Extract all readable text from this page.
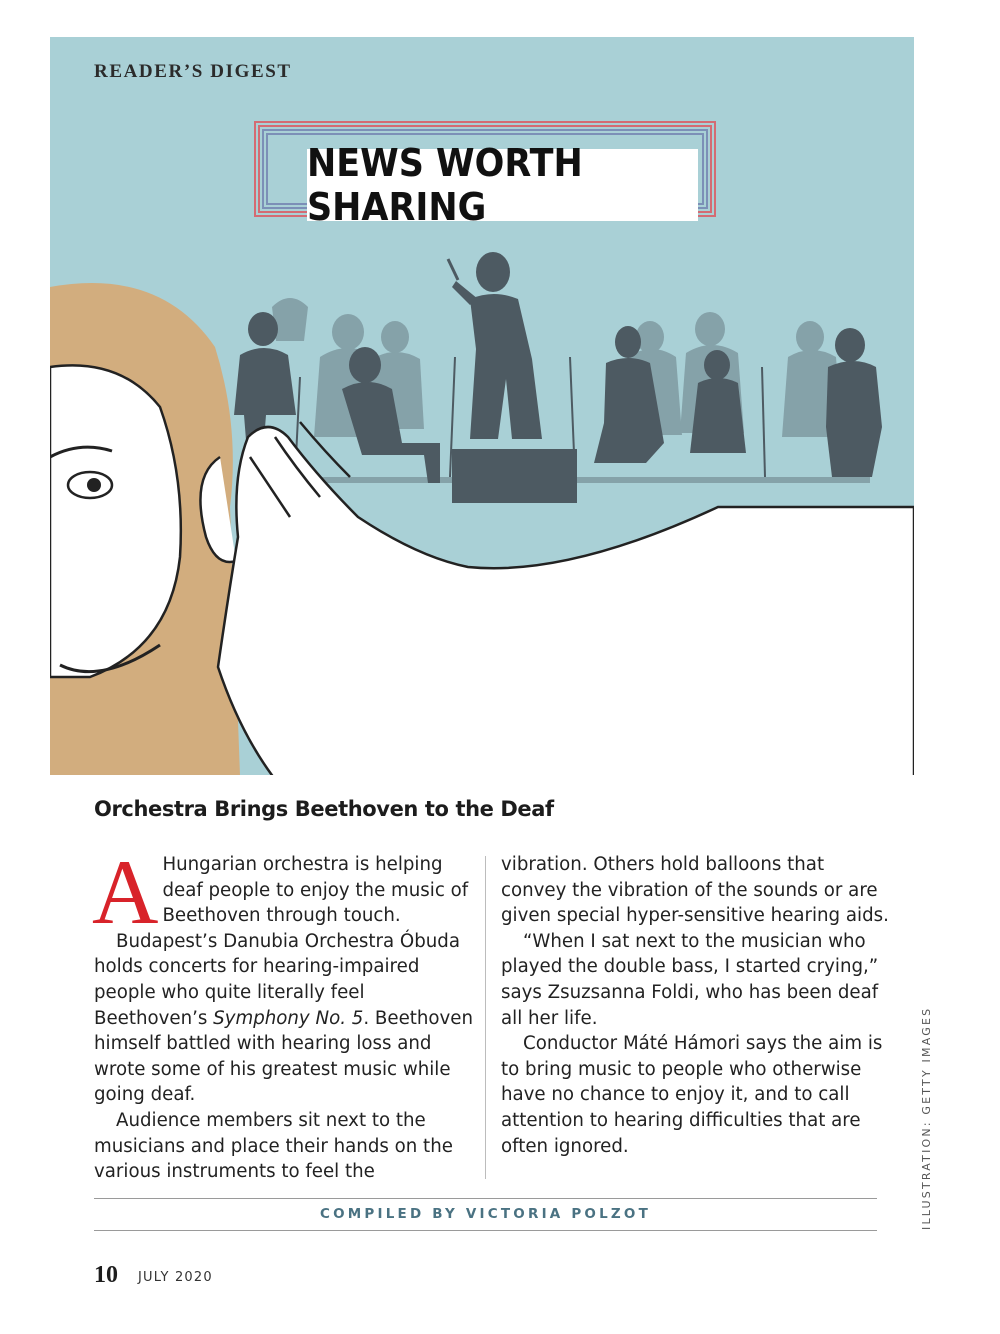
READER’S DIGEST
NEWS WORTH SHARING
Orchestra Brings Beethoven to the Deaf

A Hungarian orchestra is helping deaf people to enjoy the music of Beethoven through touch.

Budapest’s Danubia Orchestra Óbuda holds concerts for hearing-impaired people who quite literally feel Beethoven’s Symphony No. 5. Beethoven himself battled with hearing loss and wrote some of his greatest music while going deaf.

Audience members sit next to the musicians and place their hands on the various instruments to feel the

vibration. Others hold balloons that convey the vibration of the sounds or are given special hyper-sensitive hearing aids.

“When I sat next to the musician who played the double bass, I started crying,” says Zsuzsanna Foldi, who has been deaf all her life.

Conductor Máté Hámori says the aim is to bring music to people who otherwise have no chance to enjoy it, and to call attention to hearing difficulties that are often ignored.

COMPILED BY VICTORIA POLZOT	ILLUSTRATION: GETTY IMAGES
10 JULY 2020
